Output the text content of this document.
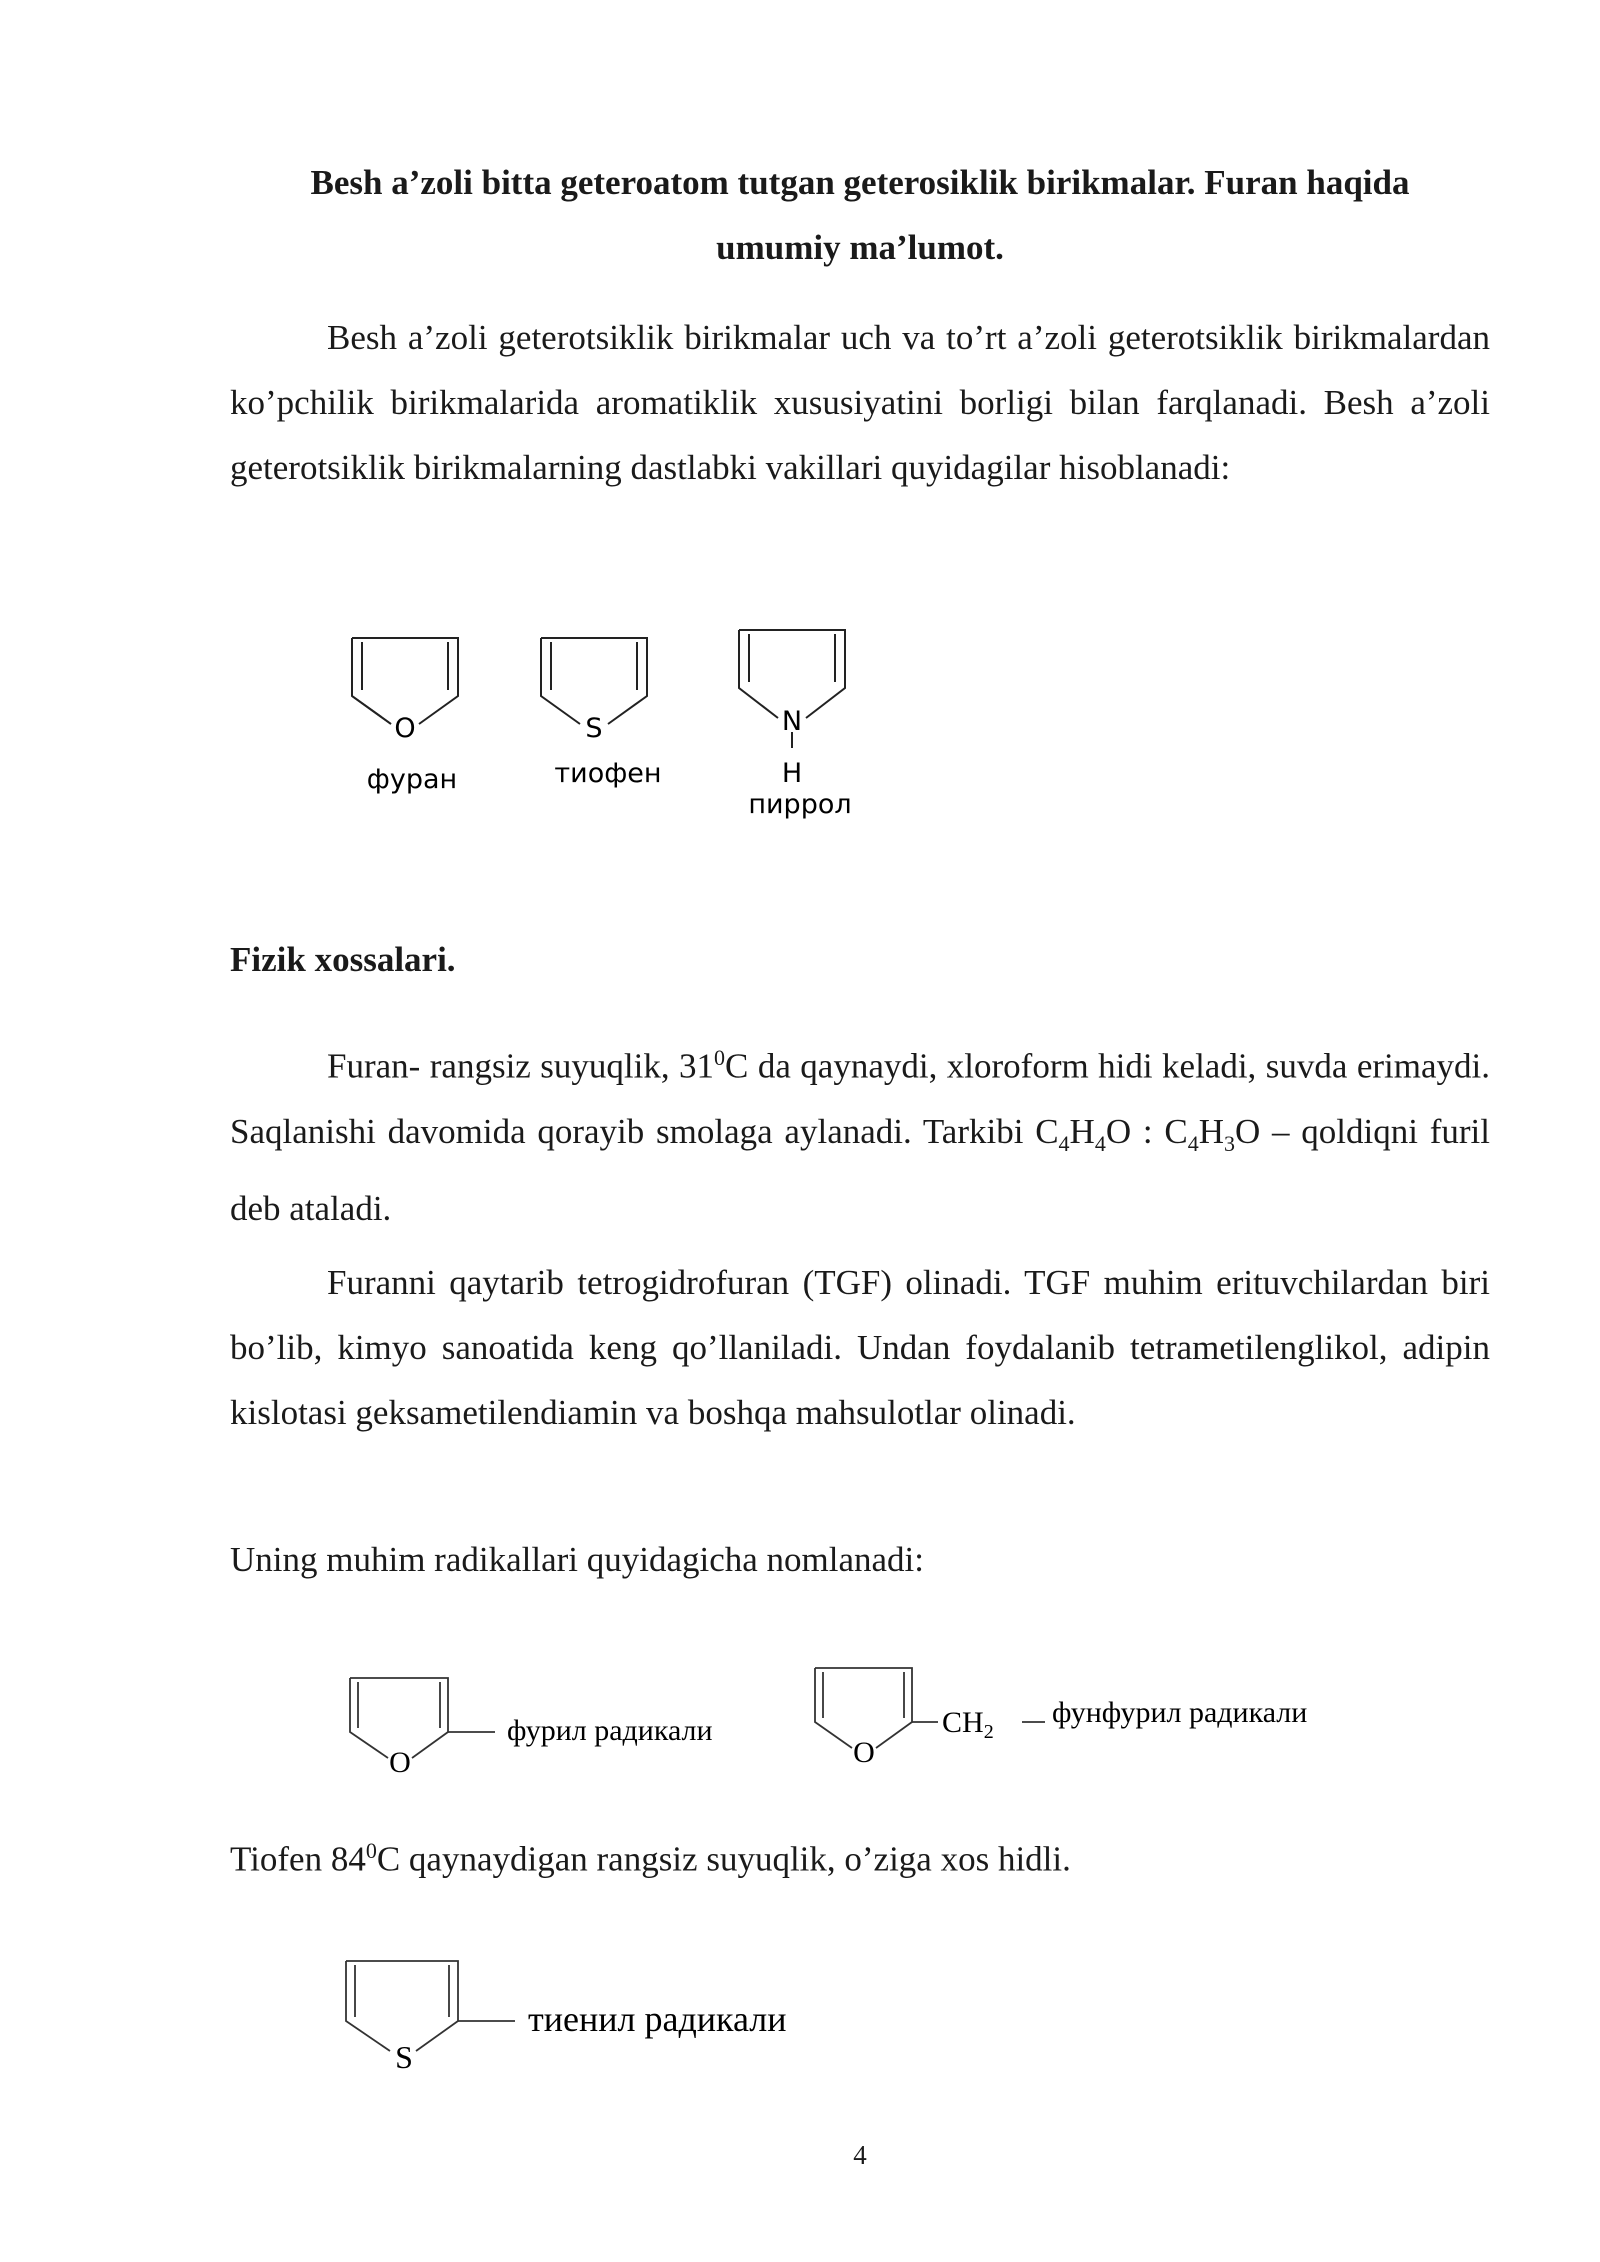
Besh a’zoli bitta geteroatom tutgan geterosiklik birikmalar. Furan haqida
umumiy ma’lumot.
Besh a’zoli geterotsiklik birikmalar uch va to’rt a’zoli geterotsiklik birikmalardan ko’pchilik birikmalarida aromatiklik xususiyatini borligi bilan farqlanadi. Besh a’zoli geterotsiklik birikmalarning dastlabki vakillari quyidagilar hisoblanadi:
O
фуран
S
тиофен
N
H
пиррол
Fizik xossalari.
Furan- rangsiz suyuqlik, $31^0C$ da qaynaydi, xloroform hidi keladi, suvda erimaydi. Saqlanishi davomida qorayib smolaga aylanadi. Tarkibi $C_4H_4O$ : $C_4H_3O$ – qoldiqni furil deb ataladi.
Furanni qaytarib tetrogidrofuran (TGF) olinadi. TGF muhim erituvchilardan biri bo’lib, kimyo sanoatida keng qo’llaniladi. Undan foydalanib tetrametilenglikol, adipin kislotasi geksametilendiamin va boshqa mahsulotlar olinadi.
Uning muhim radikallari quyidagicha nomlanadi:
O
фурил радикали
O
$CH_2$
фунфурил радикали
Tiofen $84^0C$ qaynaydigan rangsiz suyuqlik, o’ziga xos hidli.
S
тиенил радикали
4
